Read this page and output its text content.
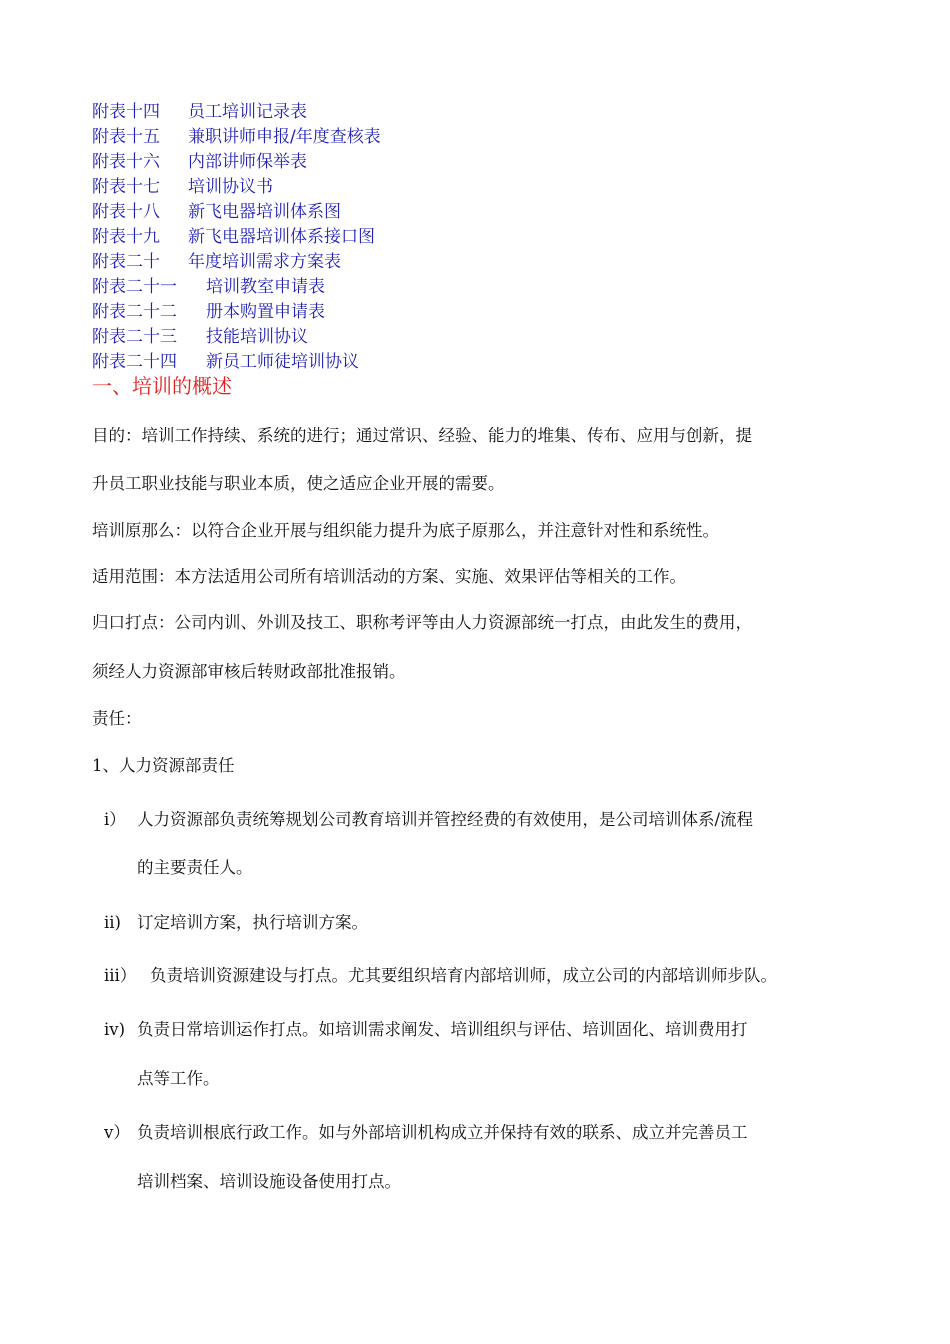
附表十四 员工培训记录表
附表十五 兼职讲师申报/年度查核表
附表十六 内部讲师保举表
附表十七 培训协议书
附表十八 新飞电器培训体系图
附表十九 新飞电器培训体系接口图
附表二十 年度培训需求方案表
附表二十一 培训教室申请表
附表二十二 册本购置申请表
附表二十三 技能培训协议
附表二十四 新员工师徒培训协议
一、培训的概述
目的：培训工作持续、系统的进行；通过常识、经验、能力的堆集、传布、应用与创新，提
升员工职业技能与职业本质，使之适应企业开展的需要。
培训原那么：以符合企业开展与组织能力提升为底子原那么，并注意针对性和系统性。
适用范围：本方法适用公司所有培训活动的方案、实施、效果评估等相关的工作。
归口打点：公司内训、外训及技工、职称考评等由人力资源部统一打点，由此发生的费用，
须经人力资源部审核后转财政部批准报销。
责任：
1、人力资源部责任
i） 人力资源部负责统筹规划公司教育培训并管控经费的有效使用，是公司培训体系/流程
的主要责任人。
ii) 订定培训方案，执行培训方案。
iii） 负责培训资源建设与打点。尤其要组织培育内部培训师，成立公司的内部培训师步队。
iv) 负责日常培训运作打点。如培训需求阐发、培训组织与评估、培训固化、培训费用打
点等工作。
v） 负责培训根底行政工作。如与外部培训机构成立并保持有效的联系、成立并完善员工
培训档案、培训设施设备使用打点。
